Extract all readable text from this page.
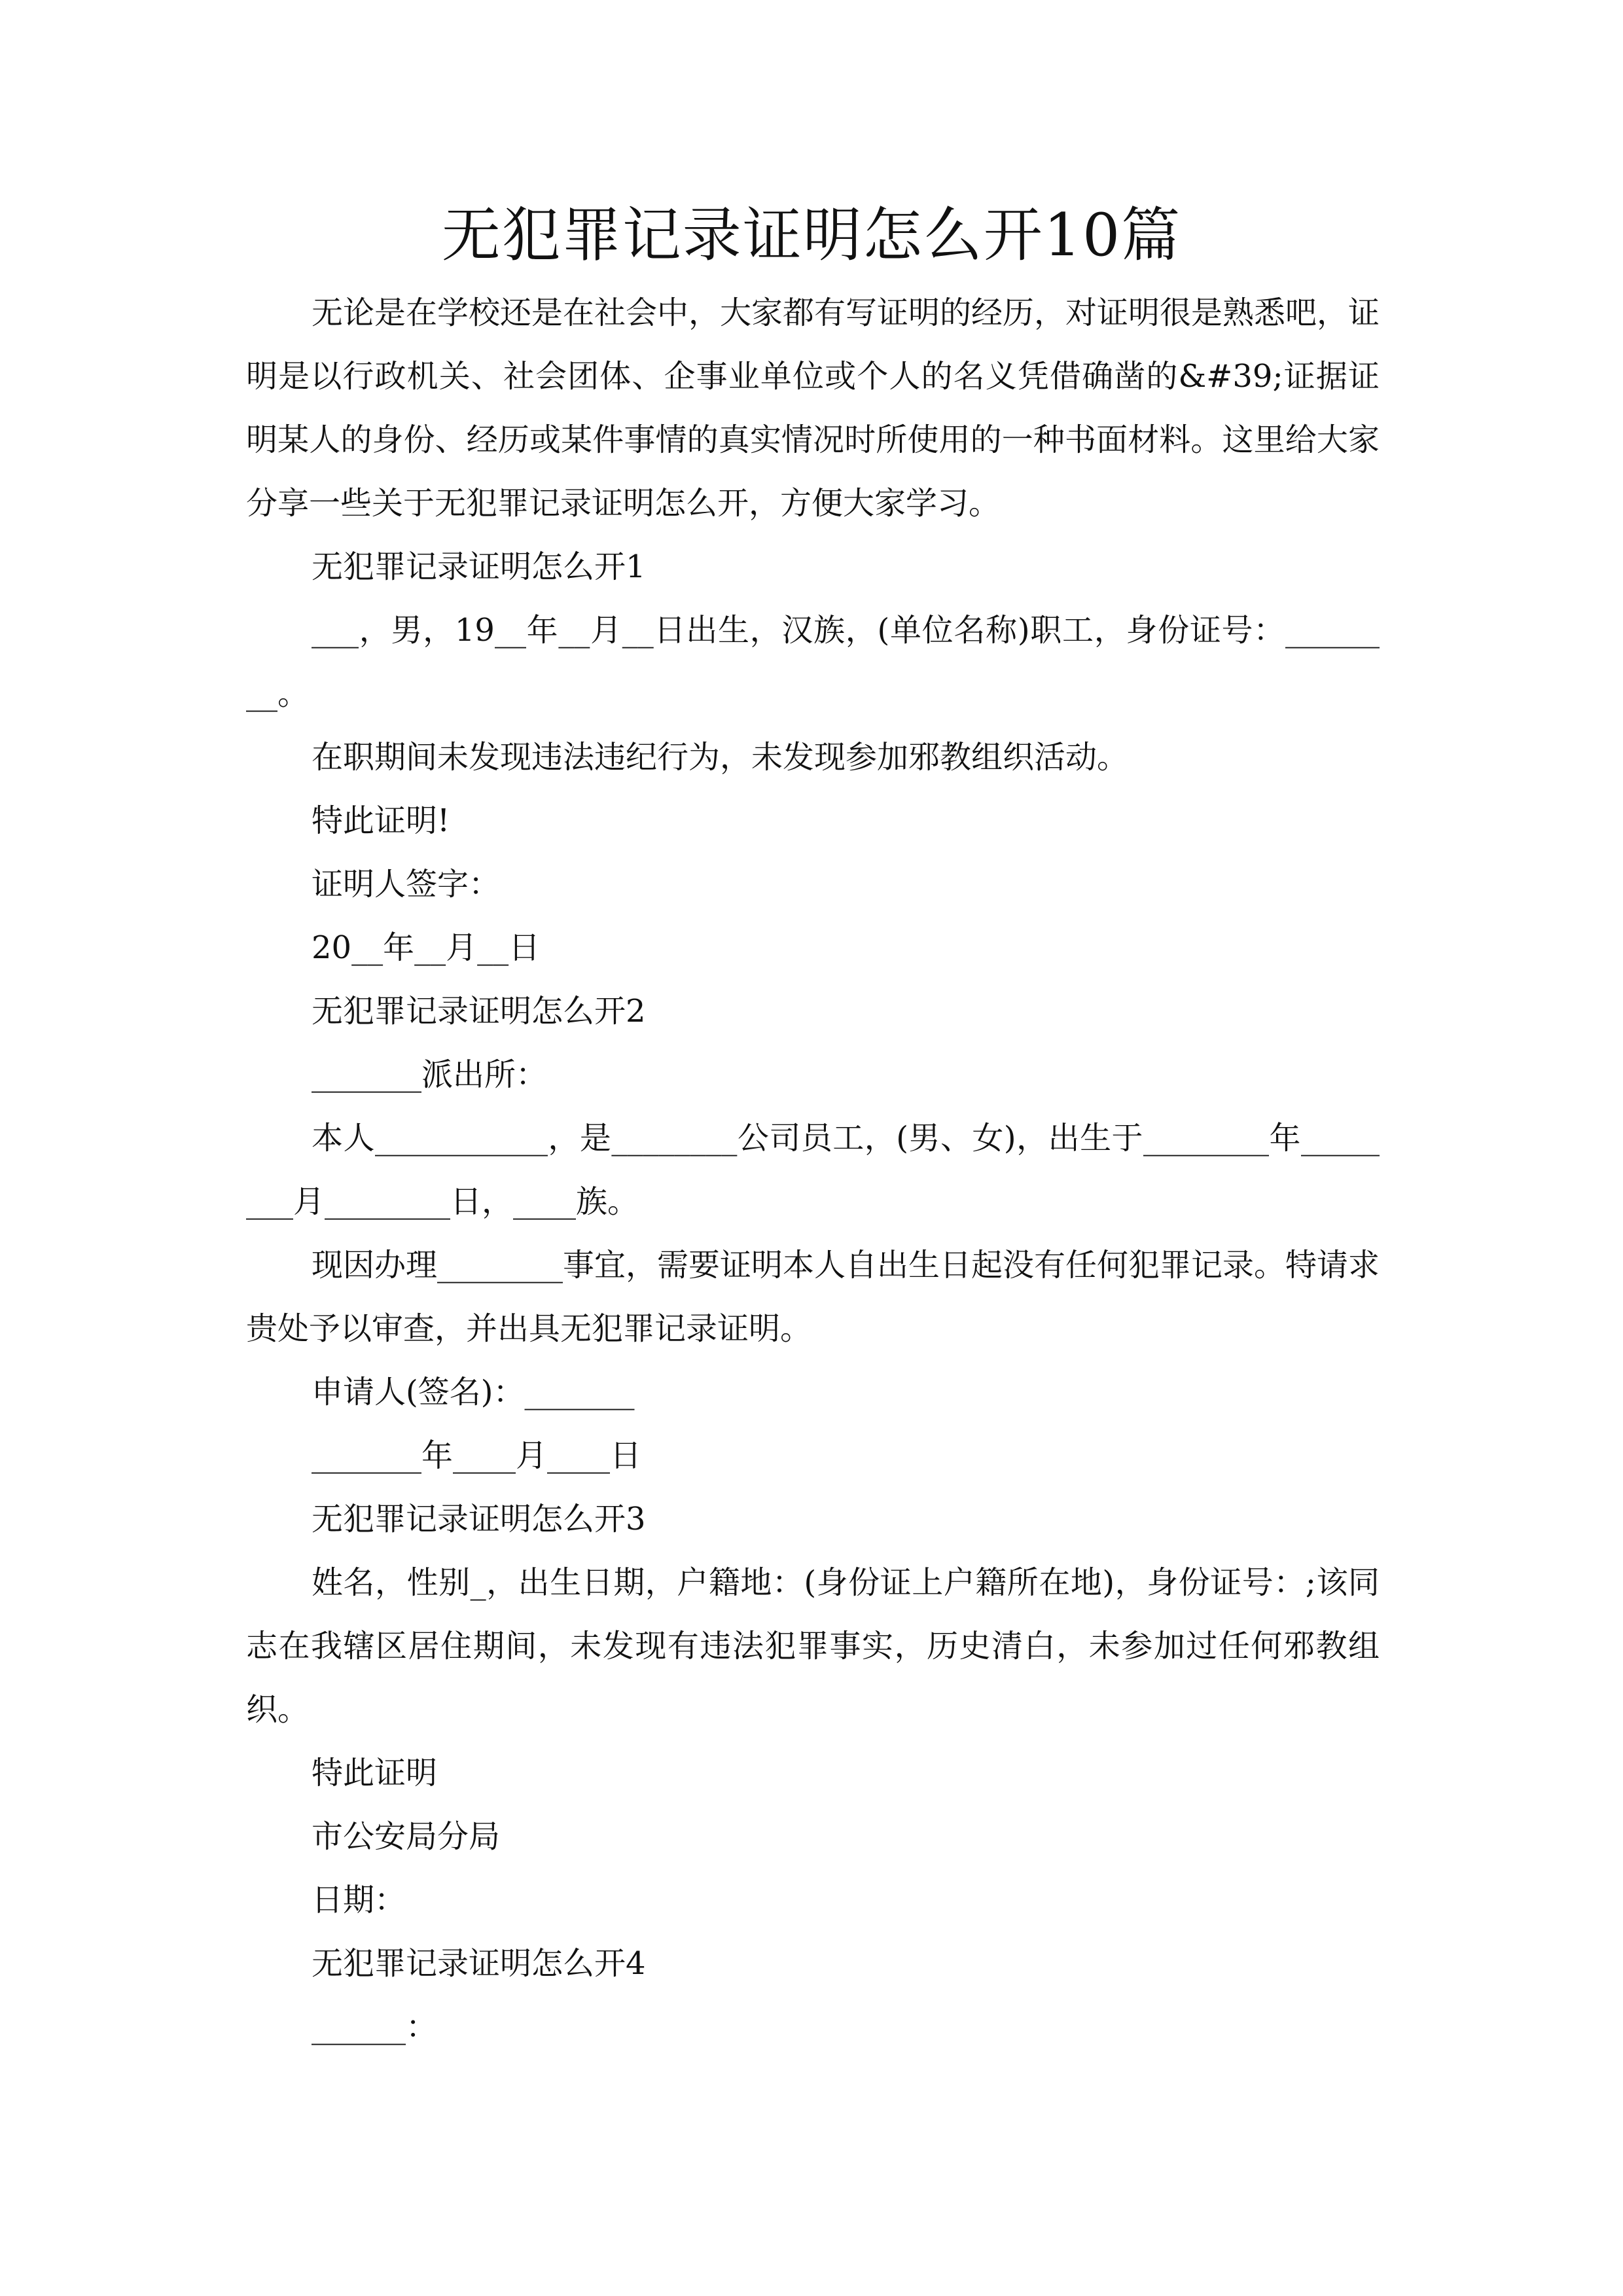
无犯罪记录证明怎么开10篇

无论是在学校还是在社会中，大家都有写证明的经历，对证明很是熟悉吧，证明是以行政机关、社会团体、企事业单位或个人的名义凭借确凿的&#39;证据证明某人的身份、经历或某件事情的真实情况时所使用的一种书面材料。这里给大家分享一些关于无犯罪记录证明怎么开，方便大家学习。

无犯罪记录证明怎么开1

___，男，19__年__月__日出生，汉族，(单位名称)职工，身份证号：________。

在职期间未发现违法违纪行为，未发现参加邪教组织活动。

特此证明!

证明人签字：

20__年__月__日

无犯罪记录证明怎么开2

_______派出所：

本人___________，是________公司员工，(男、女)，出生于________年________月________日，____族。

现因办理________事宜，需要证明本人自出生日起没有任何犯罪记录。特请求贵处予以审查，并出具无犯罪记录证明。

申请人(签名)：_______

_______年____月____日

无犯罪记录证明怎么开3

姓名，性别_，出生日期，户籍地：(身份证上户籍所在地)，身份证号：;该同志在我辖区居住期间，未发现有违法犯罪事实，历史清白，未参加过任何邪教组织。

特此证明

市公安局分局

日期：

无犯罪记录证明怎么开4

______：
